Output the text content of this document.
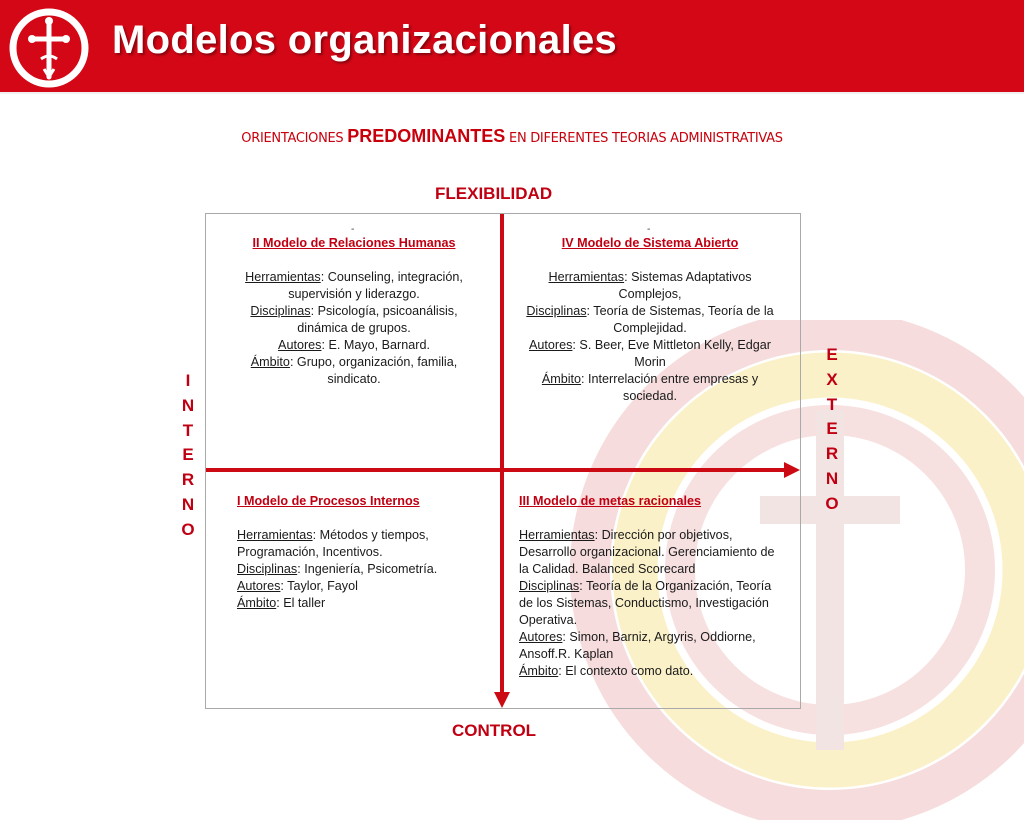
Modelos organizacionales
ORIENTACIONES PREDOMINANTES EN DIFERENTES TEORIAS ADMINISTRATIVAS
FLEXIBILIDAD
CONTROL
I
N
T
E
R
N
O
E
X
T
E
R
N
O
-

II Modelo de Relaciones Humanas

Herramientas: Counseling, integración, supervisión y liderazgo.

Disciplinas: Psicología, psicoanálisis, dinámica de grupos.

Autores: E. Mayo, Barnard.

Ámbito: Grupo, organización, familia, sindicato.

-

IV Modelo de Sistema Abierto

Herramientas: Sistemas Adaptativos Complejos,

Disciplinas: Teoría de Sistemas, Teoría de la Complejidad.

Autores: S. Beer, Eve Mittleton Kelly, Edgar Morin

Ámbito: Interrelación entre empresas y sociedad.

I Modelo de Procesos Internos

Herramientas: Métodos y tiempos, Programación, Incentivos.

Disciplinas: Ingeniería, Psicometría.

Autores: Taylor, Fayol

Ámbito: El taller

III Modelo de metas racionales

Herramientas: Dirección por objetivos, Desarrollo organizacional. Gerenciamiento de la Calidad. Balanced Scorecard

Disciplinas: Teoría de la Organización, Teoría de los Sistemas, Conductismo, Investigación Operativa.

Autores: Simon, Barniz, Argyris, Oddiorne, Ansoff.R. Kaplan

Ámbito: El contexto como dato.
